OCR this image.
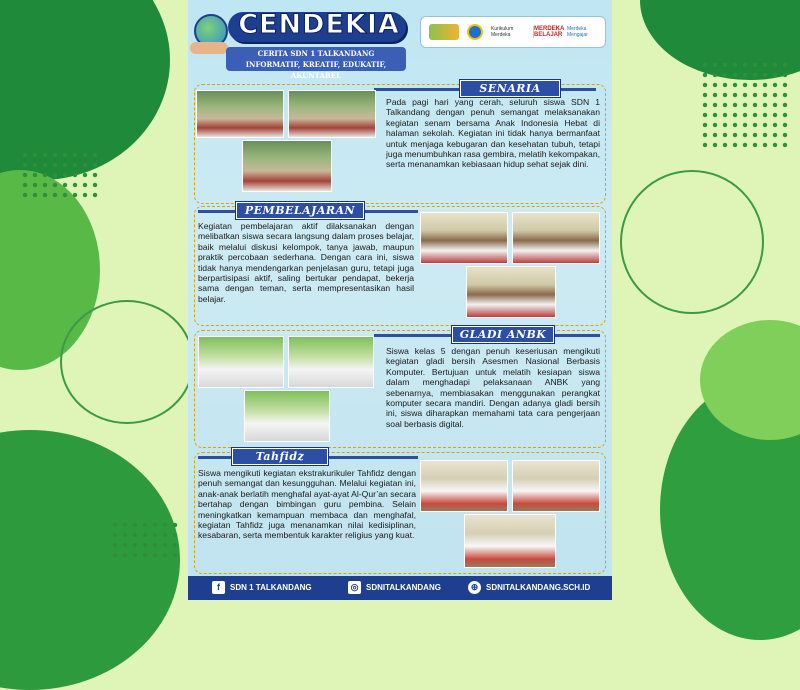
CENDEKIA
CERITA SDN 1 TALKANDANG INFORMATIF, KREATIF, EDUKATIF, AKUNTABEL
Kurikulum Merdeka
MERDEKA BELAJAR
Merdeka Mengajar
SENARIA

Pada pagi hari yang cerah, seluruh siswa SDN 1 Talkandang dengan penuh semangat melaksanakan kegiatan senam bersama Anak Indonesia Hebat di halaman sekolah. Kegiatan ini tidak hanya bermanfaat untuk menjaga kebugaran dan kesehatan tubuh, tetapi juga menumbuhkan rasa gembira, melatih kekompakan, serta menanamkan kebiasaan hidup sehat sejak dini.

PEMBELAJARAN

Kegiatan pembelajaran aktif dilaksanakan dengan melibatkan siswa secara langsung dalam proses belajar, baik melalui diskusi kelompok, tanya jawab, maupun praktik percobaan sederhana. Dengan cara ini, siswa tidak hanya mendengarkan penjelasan guru, tetapi juga berpartisipasi aktif, saling bertukar pendapat, bekerja sama dengan teman, serta mempresentasikan hasil belajar.

GLADI ANBK

Siswa kelas 5 dengan penuh keseriusan mengikuti kegiatan gladi bersih Asesmen Nasional Berbasis Komputer. Bertujuan untuk melatih kesiapan siswa dalam menghadapi pelaksanaan ANBK yang sebenarnya, membiasakan menggunakan perangkat komputer secara mandiri. Dengan adanya gladi bersih ini, siswa diharapkan memahami tata cara pengerjaan soal berbasis digital.

Tahfidz

Siswa mengikuti kegiatan ekstrakurikuler Tahfidz dengan penuh semangat dan kesungguhan. Melalui kegiatan ini, anak-anak berlatih menghafal ayat-ayat Al-Qur’an secara bertahap dengan bimbingan guru pembina. Selain meningkatkan kemampuan membaca dan menghafal, kegiatan Tahfidz juga menanamkan nilai kedisiplinan, kesabaran, serta membentuk karakter religius yang kuat.

f	SDN 1 TALKANDANG	◎ SDNITALKANDANG	⊕ SDNITALKANDANG.SCH.ID
